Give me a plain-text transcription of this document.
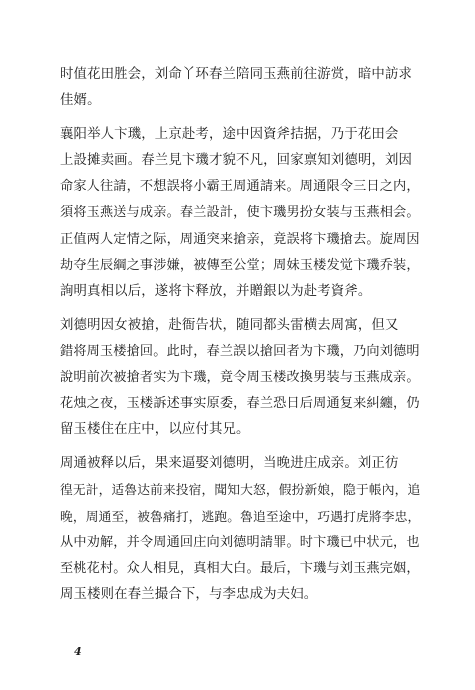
时值花田胜会，刘命丫环春兰陪同玉燕前往游赏，暗中訪求
佳婿。
襄阳举人卞璣，上京赴考，途中因資斧拮据，乃于花田会
上設摊卖画。春兰見卞璣才貌不凡，回家禀知刘德明，刘因
命家人往請，不想誤将小霸王周通請来。周通限令三日之内，
須将玉燕送与成亲。春兰設計，使卞璣男扮女装与玉燕相会。
正值两人定情之际，周通突来搶亲，竟誤将卞璣搶去。旋周因
劫夺生辰綱之事涉嫌，被傳至公堂；周妹玉楼发觉卞璣乔装，
詢明真相以后，遂将卞释放，并贈銀以为赴考資斧。
刘德明因女被搶，赴衙告状，随同都头雷横去周寓，但又
錯将周玉楼搶回。此时，春兰誤以搶回者为卞璣，乃向刘德明
說明前次被搶者实为卞璣，竟令周玉楼改換男装与玉燕成亲。
花烛之夜，玉楼訴述事实原委，春兰恐日后周通复来糾纏，仍
留玉楼住在庄中，以应付其兄。
周通被释以后，果来逼娶刘德明，当晚进庄成亲。刘正彷
徨无計，适魯达前来投宿，聞知大怒，假扮新娘，隐于帳內，追
晚，周通至，被魯痛打，逃跑。魯追至途中，巧遇打虎將李忠，
从中劝解，并令周通回庄向刘德明請罪。时卞璣已中状元，也
至桃花村。众人相見，真相大白。最后，卞璣与刘玉燕完姻，
周玉楼则在春兰撮合下，与李忠成为夫妇。
4
